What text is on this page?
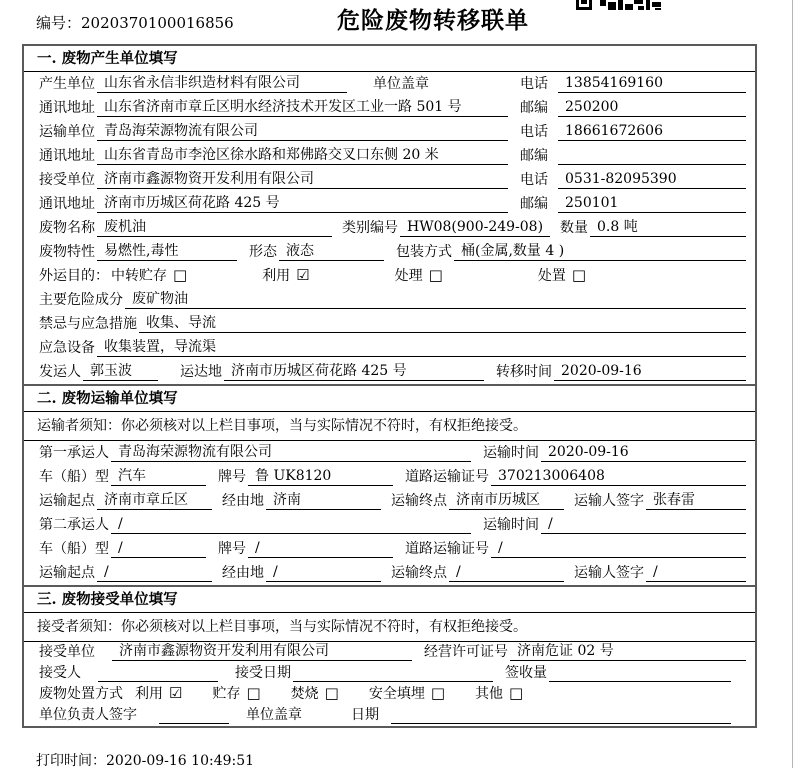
编号：2020370100016856	危险废物转移联单
一. 废物产生单位填写
产生单位 山东省永信非织造材料有限公司	单位盖章	电话	13854169160
通讯地址 山东省济南市章丘区明水经济技术开发区工业一路 501 号	邮编	250200
运输单位 青岛海荣源物流有限公司	电话	18661672606
通讯地址 山东省青岛市李沧区徐水路和郑佛路交叉口东侧 20 米	邮编
接受单位 济南市鑫源物资开发利用有限公司	电话	0531-82095390
通讯地址 济南市历城区荷花路 425 号	邮编	250101
废物名称 废机油	类别编号 HW08(900-249-08)	数量 0.8 吨
废物特性 易燃性,毒性	形态 液态	包装方式 桶(金属,数量 4 )
外运目的： 中转贮存 □	利用 ☑	处理 □	处置 □
主要危险成分 废矿物油
禁忌与应急措施 收集、导流
应急设备 收集装置，导流渠
发运人 郭玉波	运达地 济南市历城区荷花路 425 号	转移时间 2020-09-16
二. 废物运输单位填写
运输者须知：你必须核对以上栏目事项，当与实际情况不符时，有权拒绝接受。
第一承运人 青岛海荣源物流有限公司	运输时间 2020-09-16
车（船）型 汽车	牌号 鲁 UK8120	道路运输证号 370213006408
运输起点 济南市章丘区	经由地 济南	运输终点 济南市历城区	运输人签字 张春雷
第二承运人 /	运输时间 /
车（船）型 /	牌号 /	道路运输证号 /
运输起点 /	经由地 /	运输终点 /	运输人签字 /
三. 废物接受单位填写
接受者须知：你必须核对以上栏目事项，当与实际情况不符时，有权拒绝接受。
接受单位	济南市鑫源物资开发利用有限公司	经营许可证号 济南危证 02 号
接受人	接受日期	签收量
废物处置方式 利用 ☑ 贮存 □ 焚烧 □ 安全填埋 □ 其他 □
单位负责人签字	单位盖章	日期
打印时间：2020-09-16 10:49:51
